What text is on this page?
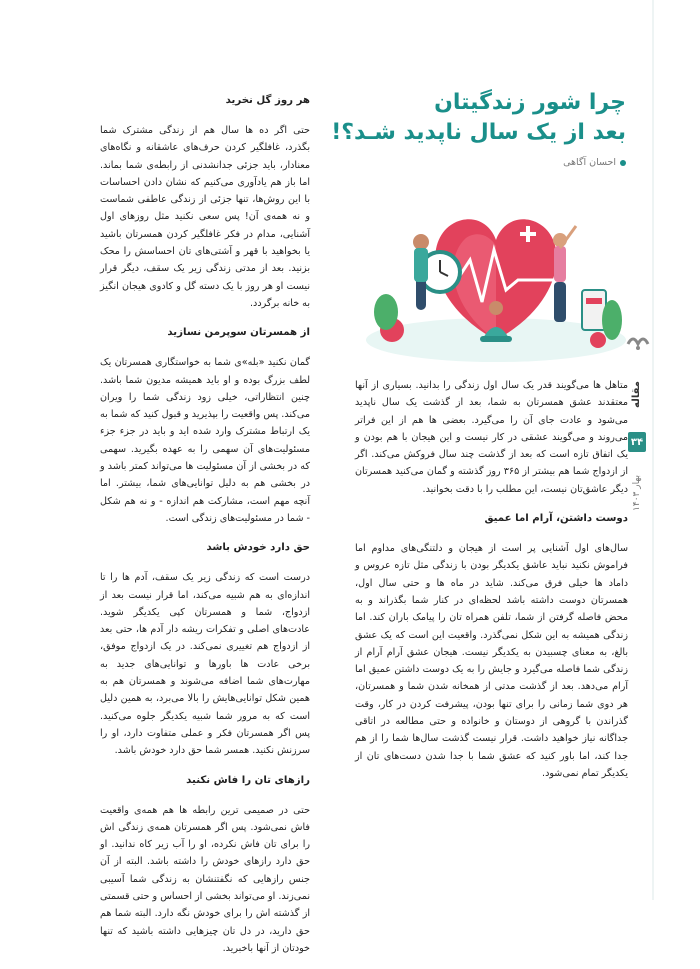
هر روز گل نخرید

حتی اگر ده ها سال هم از زندگی مشترک شما بگذرد، غافلگیر کردن حرف‌های عاشقانه و نگاه‌های معنادار، باید جزئی جدانشدنی از رابطه‌ی شما بماند. اما باز هم یادآوری می‌کنیم که نشان دادن احساسات با این روش‌ها، تنها جزئی از زندگی عاطفی شماست و نه همه‌ی آن! پس سعی نکنید مثل روزهای اول آشنایی، مدام در فکر غافلگیر کردن همسرتان باشید یا بخواهید با قهر و آشتی‌های تان احساسش را محک بزنید. بعد از مدتی زندگی زیر یک سقف، دیگر قرار نیست او هر روز با یک دسته گل و کادوی هیجان انگیز به خانه برگردد.

از همسرتان سوپرمن نسازید

گمان نکنید «بله»ی شما به خواستگاری همسرتان یک لطف بزرگ بوده و او باید همیشه مدیون شما باشد. چنین انتظاراتی، خیلی زود زندگی شما را ویران می‌کند. پس واقعیت را بپذیرید و قبول کنید که شما به یک ارتباط مشترک وارد شده اید و باید در جزء جزء مسئولیت‌های آن سهمی را به عهده بگیرید. سهمی که در بخشی از آن مسئولیت ها می‌تواند کمتر باشد و در بخشی هم به دلیل توانایی‌های شما، بیشتر. اما آنچه مهم است، مشارکت هم اندازه - و نه هم شکل - شما در مسئولیت‌های زندگی است.

حق دارد خودش باشد

درست است که زندگی زیر یک سقف، آدم ها را تا اندازه‌ای به هم شبیه می‌کند، اما قرار نیست بعد از ازدواج، شما و همسرتان کپی یکدیگر شوید. عادت‌های اصلی و تفکرات ریشه دار آدم ها، حتی بعد از ازدواج هم تغییری نمی‌کند. در یک ازدواج موفق، برخی عادت ها باورها و توانایی‌های جدید به مهارت‌های شما اضافه می‌شوند و همسرتان هم به همین شکل توانایی‌هایش را بالا می‌برد، به همین دلیل است که به مرور شما شبیه یکدیگر جلوه می‌کنید. پس اگر همسرتان فکر و عملی متفاوت دارد، او را سرزنش نکنید. همسر شما حق دارد خودش باشد.

رازهای تان را فاش نکنید

حتی در صمیمی ترین رابطه ها هم همه‌ی واقعیت فاش نمی‌شود. پس اگر همسرتان همه‌ی زندگی اش را برای تان فاش نکرده، او را آب زیر کاه ندانید. او حق دارد رازهای خودش را داشته باشد. البته از آن جنس رازهایی که نگفتنشان به زندگی شما آسیبی نمی‌زند. او می‌تواند بخشی از احساس و حتی قسمتی از گذشته اش را برای خودش نگه دارد. البته شما هم حق دارید، در دل تان چیزهایی داشته باشید که تنها خودتان از آنها باخبرید.

چرا شور زندگیتان
بعد از یک سال ناپدید شـد؟!
احسان آگاهی

متاهل ها می‌گویند قدر یک سال اول زندگی را بدانید. بسیاری از آنها معتقدند عشق همسرتان به شما، بعد از گذشت یک سال ناپدید می‌شود و عادت جای آن را می‌گیرد. بعضی ها هم از این فراتر می‌روند و می‌گویند عشقی در کار نیست و این هیجان با هم بودن و یک اتفاق تازه است که بعد از گذشت چند سال فروکش می‌کند. اگر از ازدواج شما هم بیشتر از ۳۶۵ روز گذشته و گمان می‌کنید همسرتان دیگر عاشق‌تان نیست، این مطلب را با دقت بخوانید.

دوست داشتن، آرام اما عمیق

سال‌های اول آشنایی پر است از هیجان و دلتنگی‌های مداوم اما فراموش نکنید نباید عاشق یکدیگر بودن با زندگی مثل تازه عروس و داماد ها خیلی فرق می‌کند. شاید در ماه ها و حتی سال اول، همسرتان دوست داشته باشد لحظه‌ای در کنار شما بگذراند و به محض فاصله گرفتن از شما، تلفن همراه تان را پیامک باران کند. اما زندگی همیشه به این شکل نمی‌گذرد. واقعیت این است که یک عشق بالغ، به معنای چسبیدن به یکدیگر نیست. هیجان عشق آرام آرام از زندگی شما فاصله می‌گیرد و جایش را به یک دوست داشتن عمیق اما آرام می‌دهد. بعد از گذشت مدتی از همخانه شدن شما و همسرتان، هر دوی شما زمانی را برای تنها بودن، پیشرفت کردن در کار، وقت گذراندن با گروهی از دوستان و خانواده و حتی مطالعه در اتاقی جداگانه نیاز خواهید داشت. قرار نیست گذشت سال‌ها شما را از هم جدا کند، اما باور کنید که عشق شما با جدا شدن دست‌های تان از یکدیگر تمام نمی‌شود.

مقاله
۳۴
بهار ۱۴۰۳
